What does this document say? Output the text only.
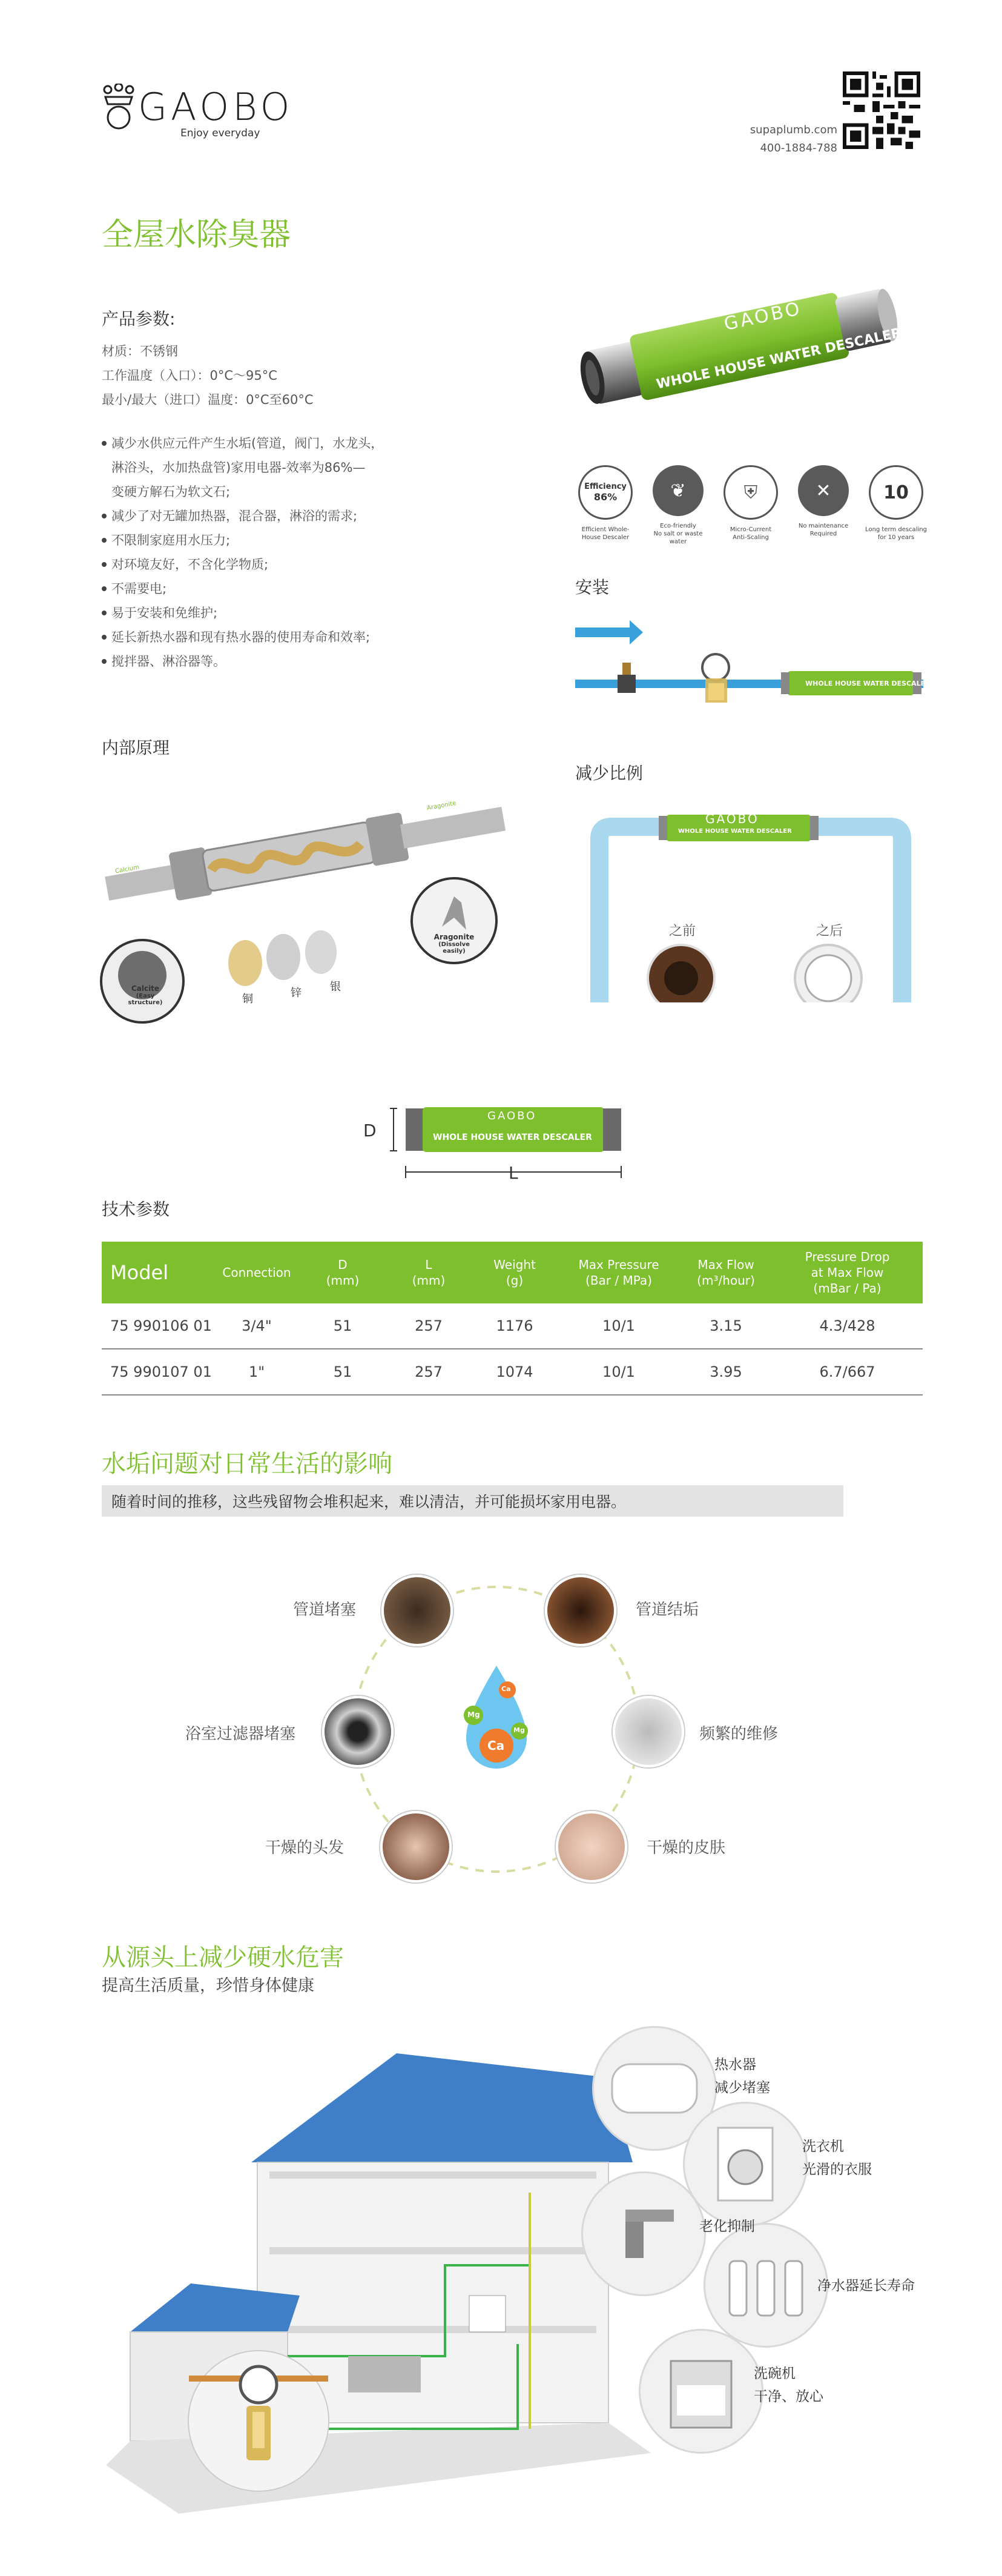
GAOBO
Enjoy everyday	supaplumb.com
400-1884-788
全屋水除臭器
产品参数:
材质：不锈钢
工作温度（入口）：0°C～95°C
最小/最大（进口）温度：0°C至60°C
减少水供应元件产生水垢(管道，阀门，水龙头，
淋浴头，水加热盘管)家用电器-效率为86%—
变硬方解石为软文石;
减少了对无罐加热器，混合器，淋浴的需求;
不限制家庭用水压力;
对环境友好，不含化学物质;
不需要电;
易于安装和免维护;
延长新热水器和现有热水器的使用寿命和效率;
搅拌器、淋浴器等。
GAOBO
WHOLE HOUSE WATER DESCALER
Efficiency
86%
Efficient Whole-
House Descaler
❦
Eco-friendly
No salt or waste water
⛨
Micro-Current
Anti-Scaling
✕
No maintenance
Required
10
Long term descaling
for 10 years
安装
WHOLE HOUSE WATER DESCALER
内部原理
Calcite
(Easy structure)
Aragonite
(Dissolve easily)
Calcium
Aragonite
铜	锌	银
减少比例
GAOBO
WHOLE HOUSE WATER DESCALER
之前	之后
D
L
GAOBO
WHOLE HOUSE WATER DESCALER
技术参数
Model	Connection	D
(mm)	L
(mm)	Weight
(g)	Max Pressure
(Bar / MPa)	Max Flow
(m³/hour)	Pressure Drop
at Max Flow
(mBar / Pa)
75 990106 01	3/4"	51	257	1176	10/1	3.15	4.3/428
75 990107 01	1"	51	257	1074	10/1	3.95	6.7/667
水垢问题对日常生活的影响
随着时间的推移，这些残留物会堆积起来，难以清洁，并可能损坏家用电器。
Ca
Mg
Mg
Ca
管道堵塞	管道结垢
浴室过滤器堵塞	频繁的维修
干燥的头发	干燥的皮肤
从源头上减少硬水危害
提高生活质量，珍惜身体健康
热水器
减少堵塞
洗衣机
光滑的衣服
老化抑制
净水器延长寿命
洗碗机
干净、放心
